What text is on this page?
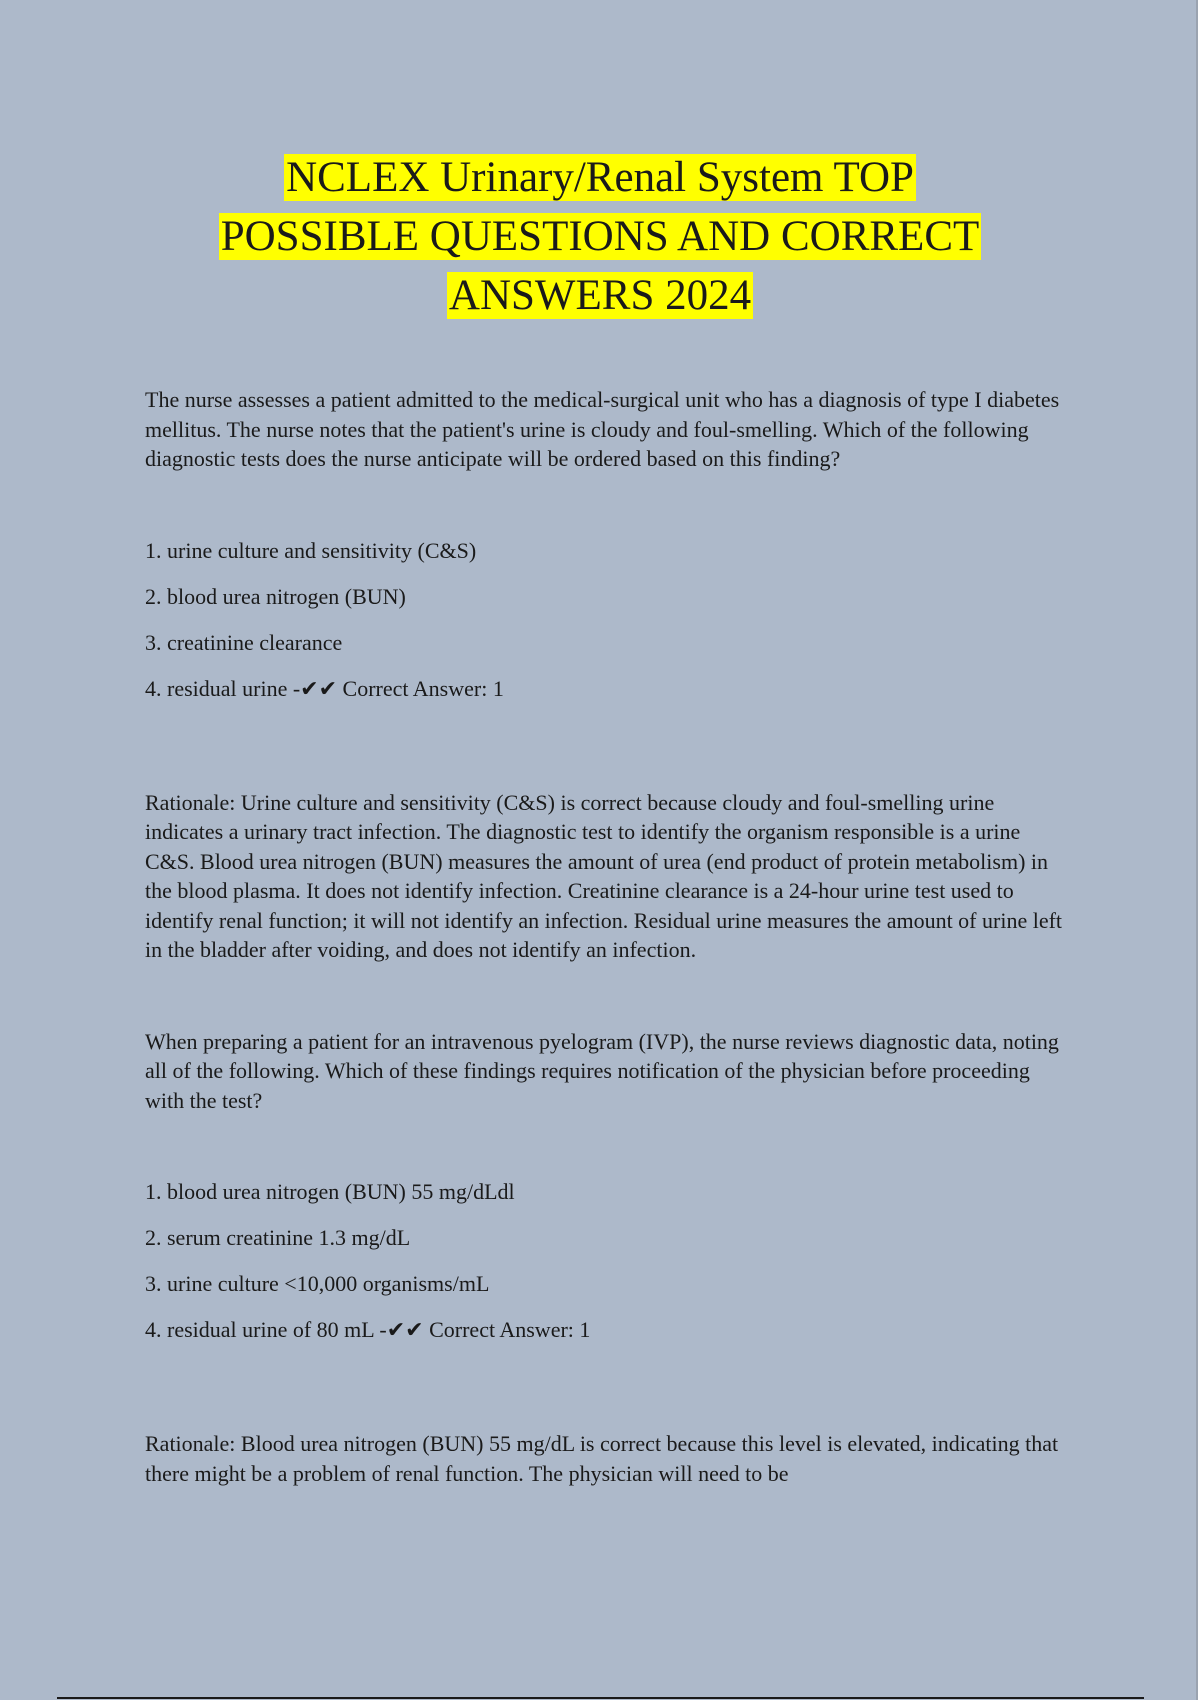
NCLEX Urinary/Renal System TOP
POSSIBLE QUESTIONS AND CORRECT
ANSWERS 2024

The nurse assesses a patient admitted to the medical-surgical unit who has a diagnosis of type I diabetes mellitus. The nurse notes that the patient's urine is cloudy and foul-smelling. Which of the following diagnostic tests does the nurse anticipate will be ordered based on this finding?

1. urine culture and sensitivity (C&S)
2. blood urea nitrogen (BUN)
3. creatinine clearance
4. residual urine -✔✔ Correct Answer: 1

Rationale: Urine culture and sensitivity (C&S) is correct because cloudy and foul-smelling urine indicates a urinary tract infection. The diagnostic test to identify the organism responsible is a urine C&S. Blood urea nitrogen (BUN) measures the amount of urea (end product of protein metabolism) in the blood plasma. It does not identify infection. Creatinine clearance is a 24-hour urine test used to identify renal function; it will not identify an infection. Residual urine measures the amount of urine left in the bladder after voiding, and does not identify an infection.

When preparing a patient for an intravenous pyelogram (IVP), the nurse reviews diagnostic data, noting all of the following. Which of these findings requires notification of the physician before proceeding with the test?

1. blood urea nitrogen (BUN) 55 mg/dLdl
2. serum creatinine 1.3 mg/dL
3. urine culture <10,000 organisms/mL
4. residual urine of 80 mL -✔✔ Correct Answer: 1

Rationale: Blood urea nitrogen (BUN) 55 mg/dL is correct because this level is elevated, indicating that there might be a problem of renal function. The physician will need to be
